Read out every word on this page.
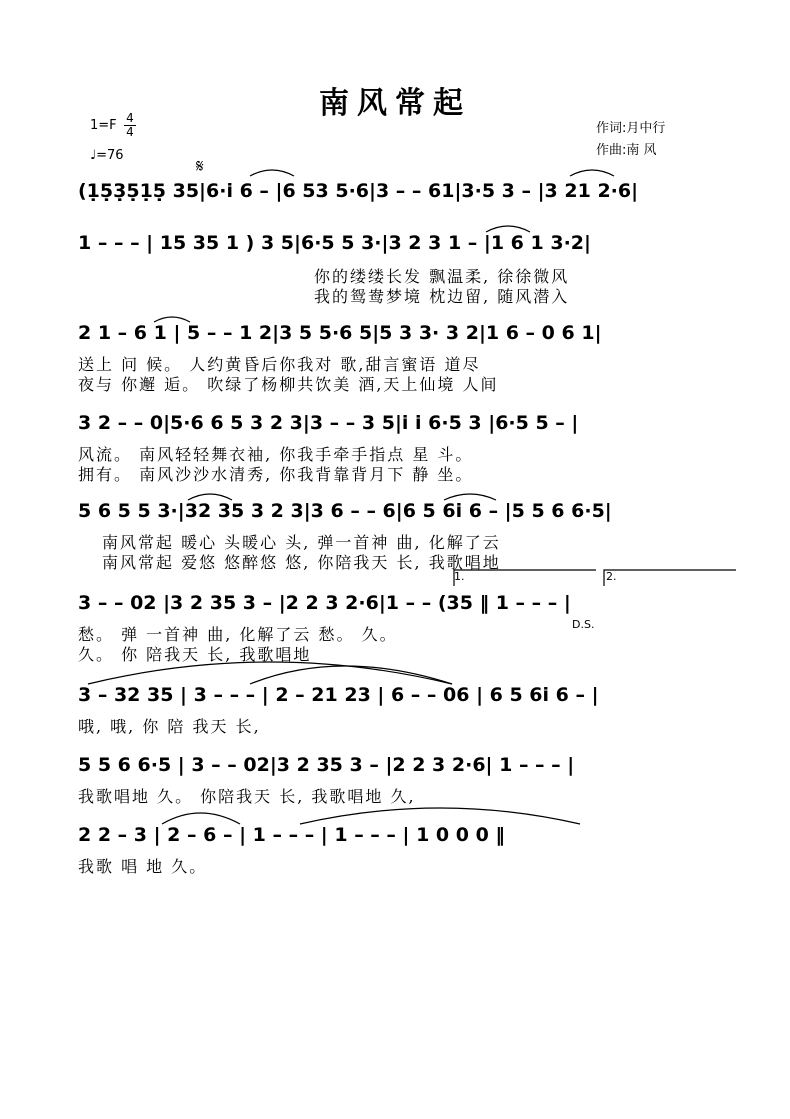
南风常起
1=F 4
4
♩=76
作词:月中行
作曲:南 风
𝄋
(1̣5̣3̣5̣1̣5̣ 35|6·i 6 – |6 53 5·6|3 – – 61|3·5 3 – |3 21 2·6|
1 – – – | 15 35 1 ) 3 5|6·5 5 3·|3 2 3 1 – |1 6 1 3·2|
你的缕缕长发 飘温柔, 徐徐微风
我的鸳鸯梦境 枕边留, 随风潜入
2 1 – 6 1 | 5 – – 1 2|3 5 5·6 5|5 3 3· 3 2|1 6 – 0 6 1|
送上 问 候。 人约黄昏后你我对 歌,甜言蜜语 道尽
夜与 你邂 逅。 吹绿了杨柳共饮美 酒,天上仙境 人间
3 2 – – 0|5·6 6 5 3 2 3|3 – – 3 5|i i 6·5 3 |6·5 5 – |
风流。 南风轻轻舞衣袖, 你我手牵手指点 星 斗。
拥有。 南风沙沙水清秀, 你我背靠背月下 静 坐。
5 6 5 5 3·|32 35 3 2 3|3 6 – – 6|6 5 6i 6 – |5 5 6 6·5|
南风常起 暖心 头暖心 头, 弹一首神 曲, 化解了云
南风常起 爱悠 悠醉悠 悠, 你陪我天 长, 我歌唱地
3 – – 02 |3 2 35 3 – |2 2 3 2·6|1 – – (35 ‖ 1 – – – |
愁。 弹 一首神 曲, 化解了云 愁。 久。
久。 你 陪我天 长, 我歌唱地
1.	2.
D.S.
3 – 32 35 | 3 – – – | 2 – 21 23 | 6 – – 06 | 6 5 6i 6 – |
哦, 哦, 你 陪 我天 长,
5 5 6 6·5 | 3 – – 02|3 2 35 3 – |2 2 3 2·6| 1 – – – |
我歌唱地 久。 你陪我天 长, 我歌唱地 久,
2 2 – 3 | 2 – 6 – | 1 – – – | 1 – – – | 1 0 0 0 ‖
我歌 唱 地 久。
